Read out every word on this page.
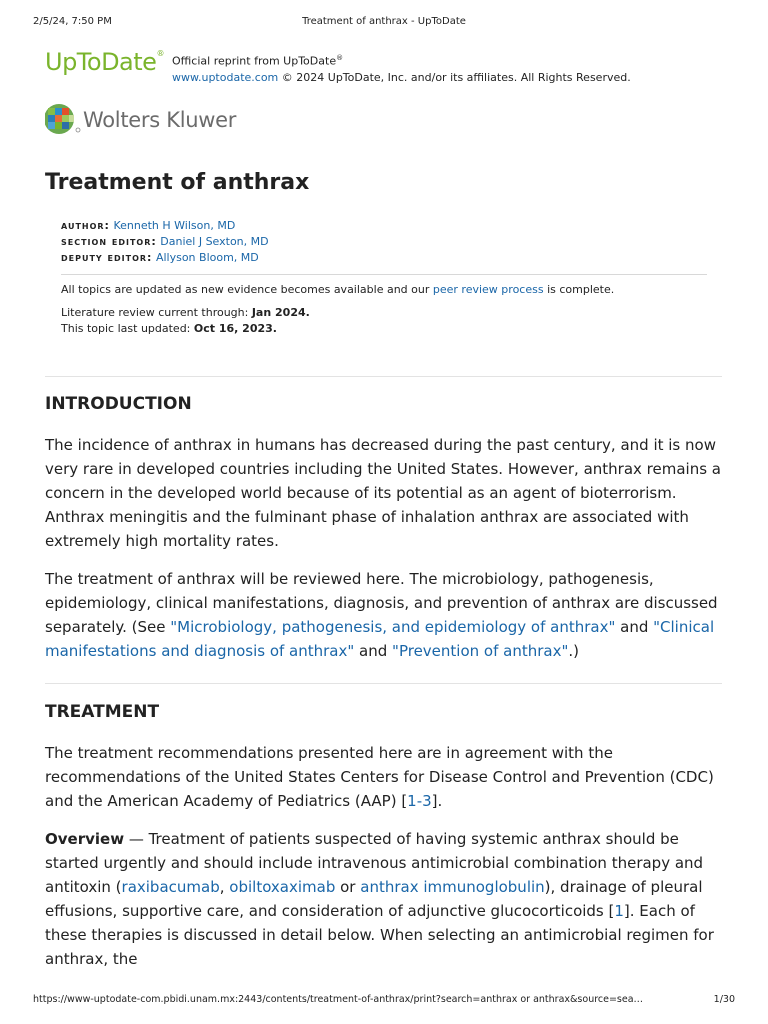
2/5/24, 7:50 PM	Treatment of anthrax - UpToDate
UpToDate®
Official reprint from UpToDate®
www.uptodate.com © 2024 UpToDate, Inc. and/or its affiliates. All Rights Reserved.
Wolters Kluwer
Treatment of anthrax
author: Kenneth H Wilson, MD
section editor: Daniel J Sexton, MD
deputy editor: Allyson Bloom, MD
All topics are updated as new evidence becomes available and our peer review process is complete.
Literature review current through: Jan 2024.
This topic last updated: Oct 16, 2023.
INTRODUCTION

The incidence of anthrax in humans has decreased during the past century, and it is now very rare in developed countries including the United States. However, anthrax remains a concern in the developed world because of its potential as an agent of bioterrorism. Anthrax meningitis and the fulminant phase of inhalation anthrax are associated with extremely high mortality rates.

The treatment of anthrax will be reviewed here. The microbiology, pathogenesis, epidemiology, clinical manifestations, diagnosis, and prevention of anthrax are discussed separately. (See "Microbiology, pathogenesis, and epidemiology of anthrax" and "Clinical manifestations and diagnosis of anthrax" and "Prevention of anthrax".)

TREATMENT

The treatment recommendations presented here are in agreement with the recommendations of the United States Centers for Disease Control and Prevention (CDC) and the American Academy of Pediatrics (AAP) [1-3].

Overview — Treatment of patients suspected of having systemic anthrax should be started urgently and should include intravenous antimicrobial combination therapy and antitoxin (raxibacumab, obiltoxaximab or anthrax immunoglobulin), drainage of pleural effusions, supportive care, and consideration of adjunctive glucocorticoids [1]. Each of these therapies is discussed in detail below. When selecting an antimicrobial regimen for anthrax, the

https://www-uptodate-com.pbidi.unam.mx:2443/contents/treatment-of-anthrax/print?search=anthrax or anthrax&source=sea…	1/30
